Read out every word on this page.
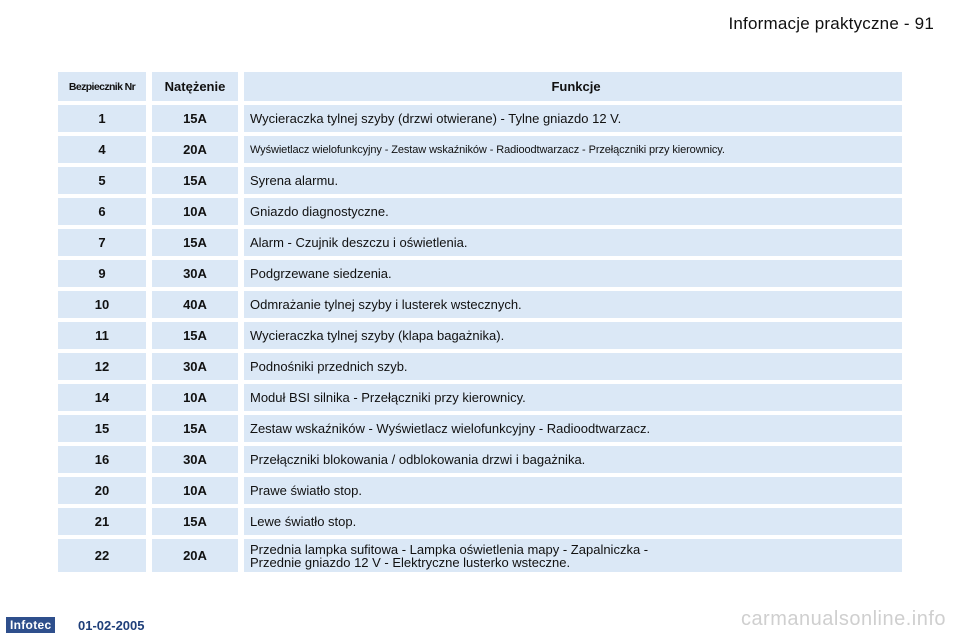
Informacje praktyczne - 91
Bezpiecznik Nr	Natężenie	Funkcje
1	15A	Wycieraczka tylnej szyby (drzwi otwierane) - Tylne gniazdo 12 V.
4	20A	Wyświetlacz wielofunkcyjny - Zestaw wskaźników - Radioodtwarzacz - Przełączniki przy kierownicy.
5	15A	Syrena alarmu.
6	10A	Gniazdo diagnostyczne.
7	15A	Alarm - Czujnik deszczu i oświetlenia.
9	30A	Podgrzewane siedzenia.
10	40A	Odmrażanie tylnej szyby i lusterek wstecznych.
11	15A	Wycieraczka tylnej szyby (klapa bagażnika).
12	30A	Podnośniki przednich szyb.
14	10A	Moduł BSI silnika - Przełączniki przy kierownicy.
15	15A	Zestaw wskaźników - Wyświetlacz wielofunkcyjny - Radioodtwarzacz.
16	30A	Przełączniki blokowania / odblokowania drzwi i bagażnika.
20	10A	Prawe światło stop.
21	15A	Lewe światło stop.
22	20A	Przednia lampka sufitowa - Lampka oświetlenia mapy - Zapalniczka -
Przednie gniazdo 12 V - Elektryczne lusterko wsteczne.
Infotec	01-02-2005	carmanualsonline.info
